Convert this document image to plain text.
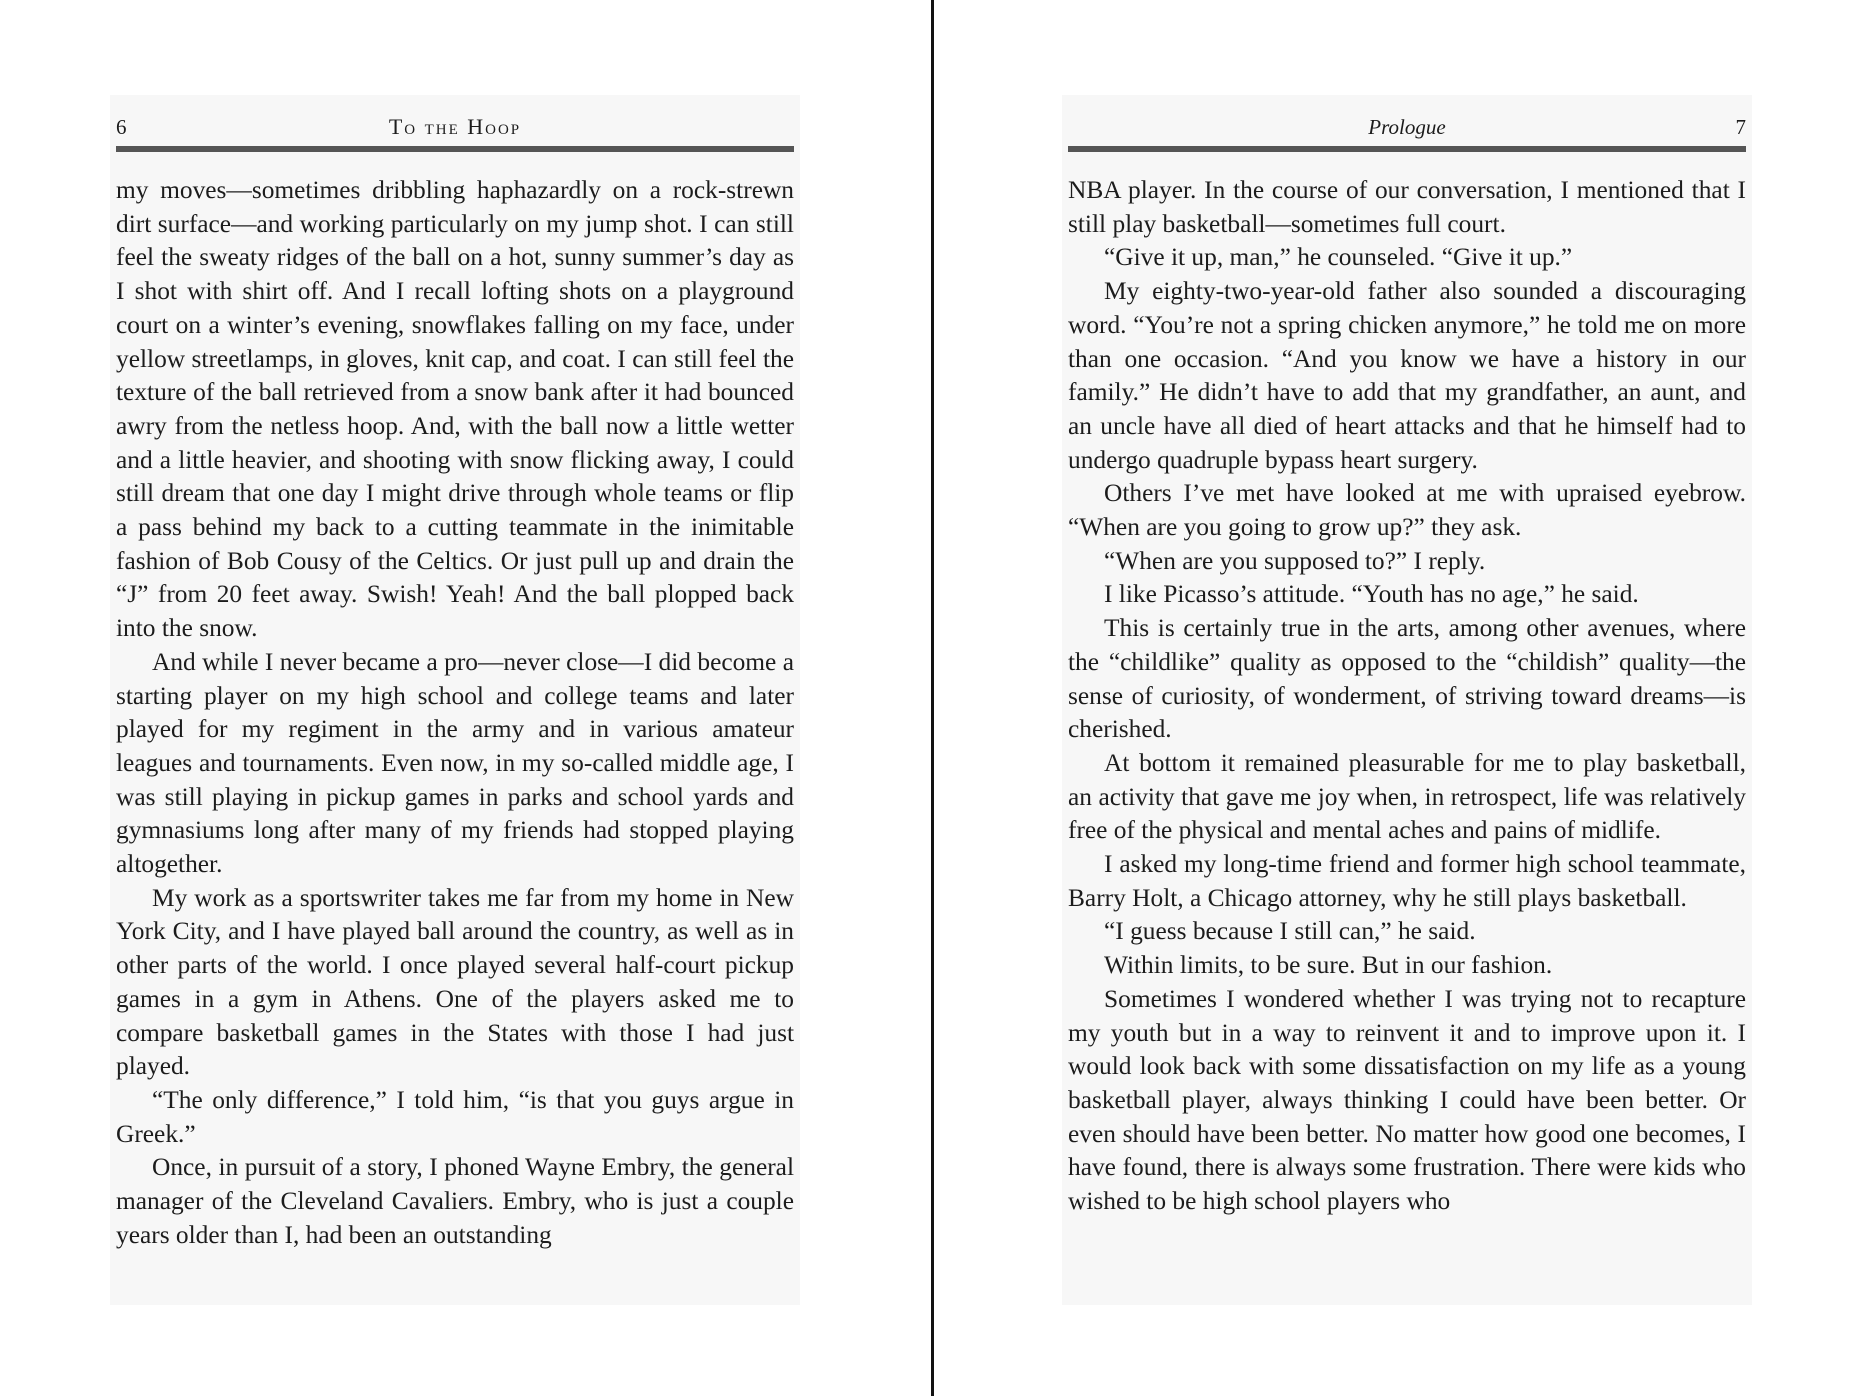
6	To the Hoop

my moves—sometimes dribbling haphazardly on a rock-strewn dirt surface—and working particularly on my jump shot. I can still feel the sweaty ridges of the ball on a hot, sunny summer’s day as I shot with shirt off. And I recall lofting shots on a playground court on a winter’s evening, snowflakes falling on my face, under yellow streetlamps, in gloves, knit cap, and coat. I can still feel the texture of the ball retrieved from a snow bank after it had bounced awry from the netless hoop. And, with the ball now a little wetter and a little heavier, and shooting with snow flicking away, I could still dream that one day I might drive through whole teams or flip a pass behind my back to a cutting teammate in the inimitable fashion of Bob Cousy of the Celtics. Or just pull up and drain the “J” from 20 feet away. Swish! Yeah! And the ball plopped back into the snow.

And while I never became a pro—never close—I did become a starting player on my high school and college teams and later played for my regiment in the army and in various amateur leagues and tournaments. Even now, in my so-called middle age, I was still playing in pickup games in parks and school yards and gymnasiums long after many of my friends had stopped playing altogether.

My work as a sportswriter takes me far from my home in New York City, and I have played ball around the country, as well as in other parts of the world. I once played several half-court pickup games in a gym in Athens. One of the players asked me to compare basketball games in the States with those I had just played.

“The only difference,” I told him, “is that you guys argue in Greek.”

Once, in pursuit of a story, I phoned Wayne Embry, the general manager of the Cleveland Cavaliers. Embry, who is just a couple years older than I, had been an outstanding

Prologue	7

NBA player. In the course of our conversation, I mentioned that I still play basketball—sometimes full court.

“Give it up, man,” he counseled. “Give it up.”

My eighty-two-year-old father also sounded a discouraging word. “You’re not a spring chicken anymore,” he told me on more than one occasion. “And you know we have a history in our family.” He didn’t have to add that my grandfather, an aunt, and an uncle have all died of heart attacks and that he himself had to undergo quadruple bypass heart surgery.

Others I’ve met have looked at me with upraised eyebrow. “When are you going to grow up?” they ask.

“When are you supposed to?” I reply.

I like Picasso’s attitude. “Youth has no age,” he said.

This is certainly true in the arts, among other avenues, where the “childlike” quality as opposed to the “childish” quality—the sense of curiosity, of wonderment, of striving toward dreams—is cherished.

At bottom it remained pleasurable for me to play basketball, an activity that gave me joy when, in retrospect, life was relatively free of the physical and mental aches and pains of midlife.

I asked my long-time friend and former high school teammate, Barry Holt, a Chicago attorney, why he still plays basketball.

“I guess because I still can,” he said.

Within limits, to be sure. But in our fashion.

Sometimes I wondered whether I was trying not to recapture my youth but in a way to reinvent it and to improve upon it. I would look back with some dissatisfaction on my life as a young basketball player, always thinking I could have been better. Or even should have been better. No matter how good one becomes, I have found, there is always some frustration. There were kids who wished to be high school players who
